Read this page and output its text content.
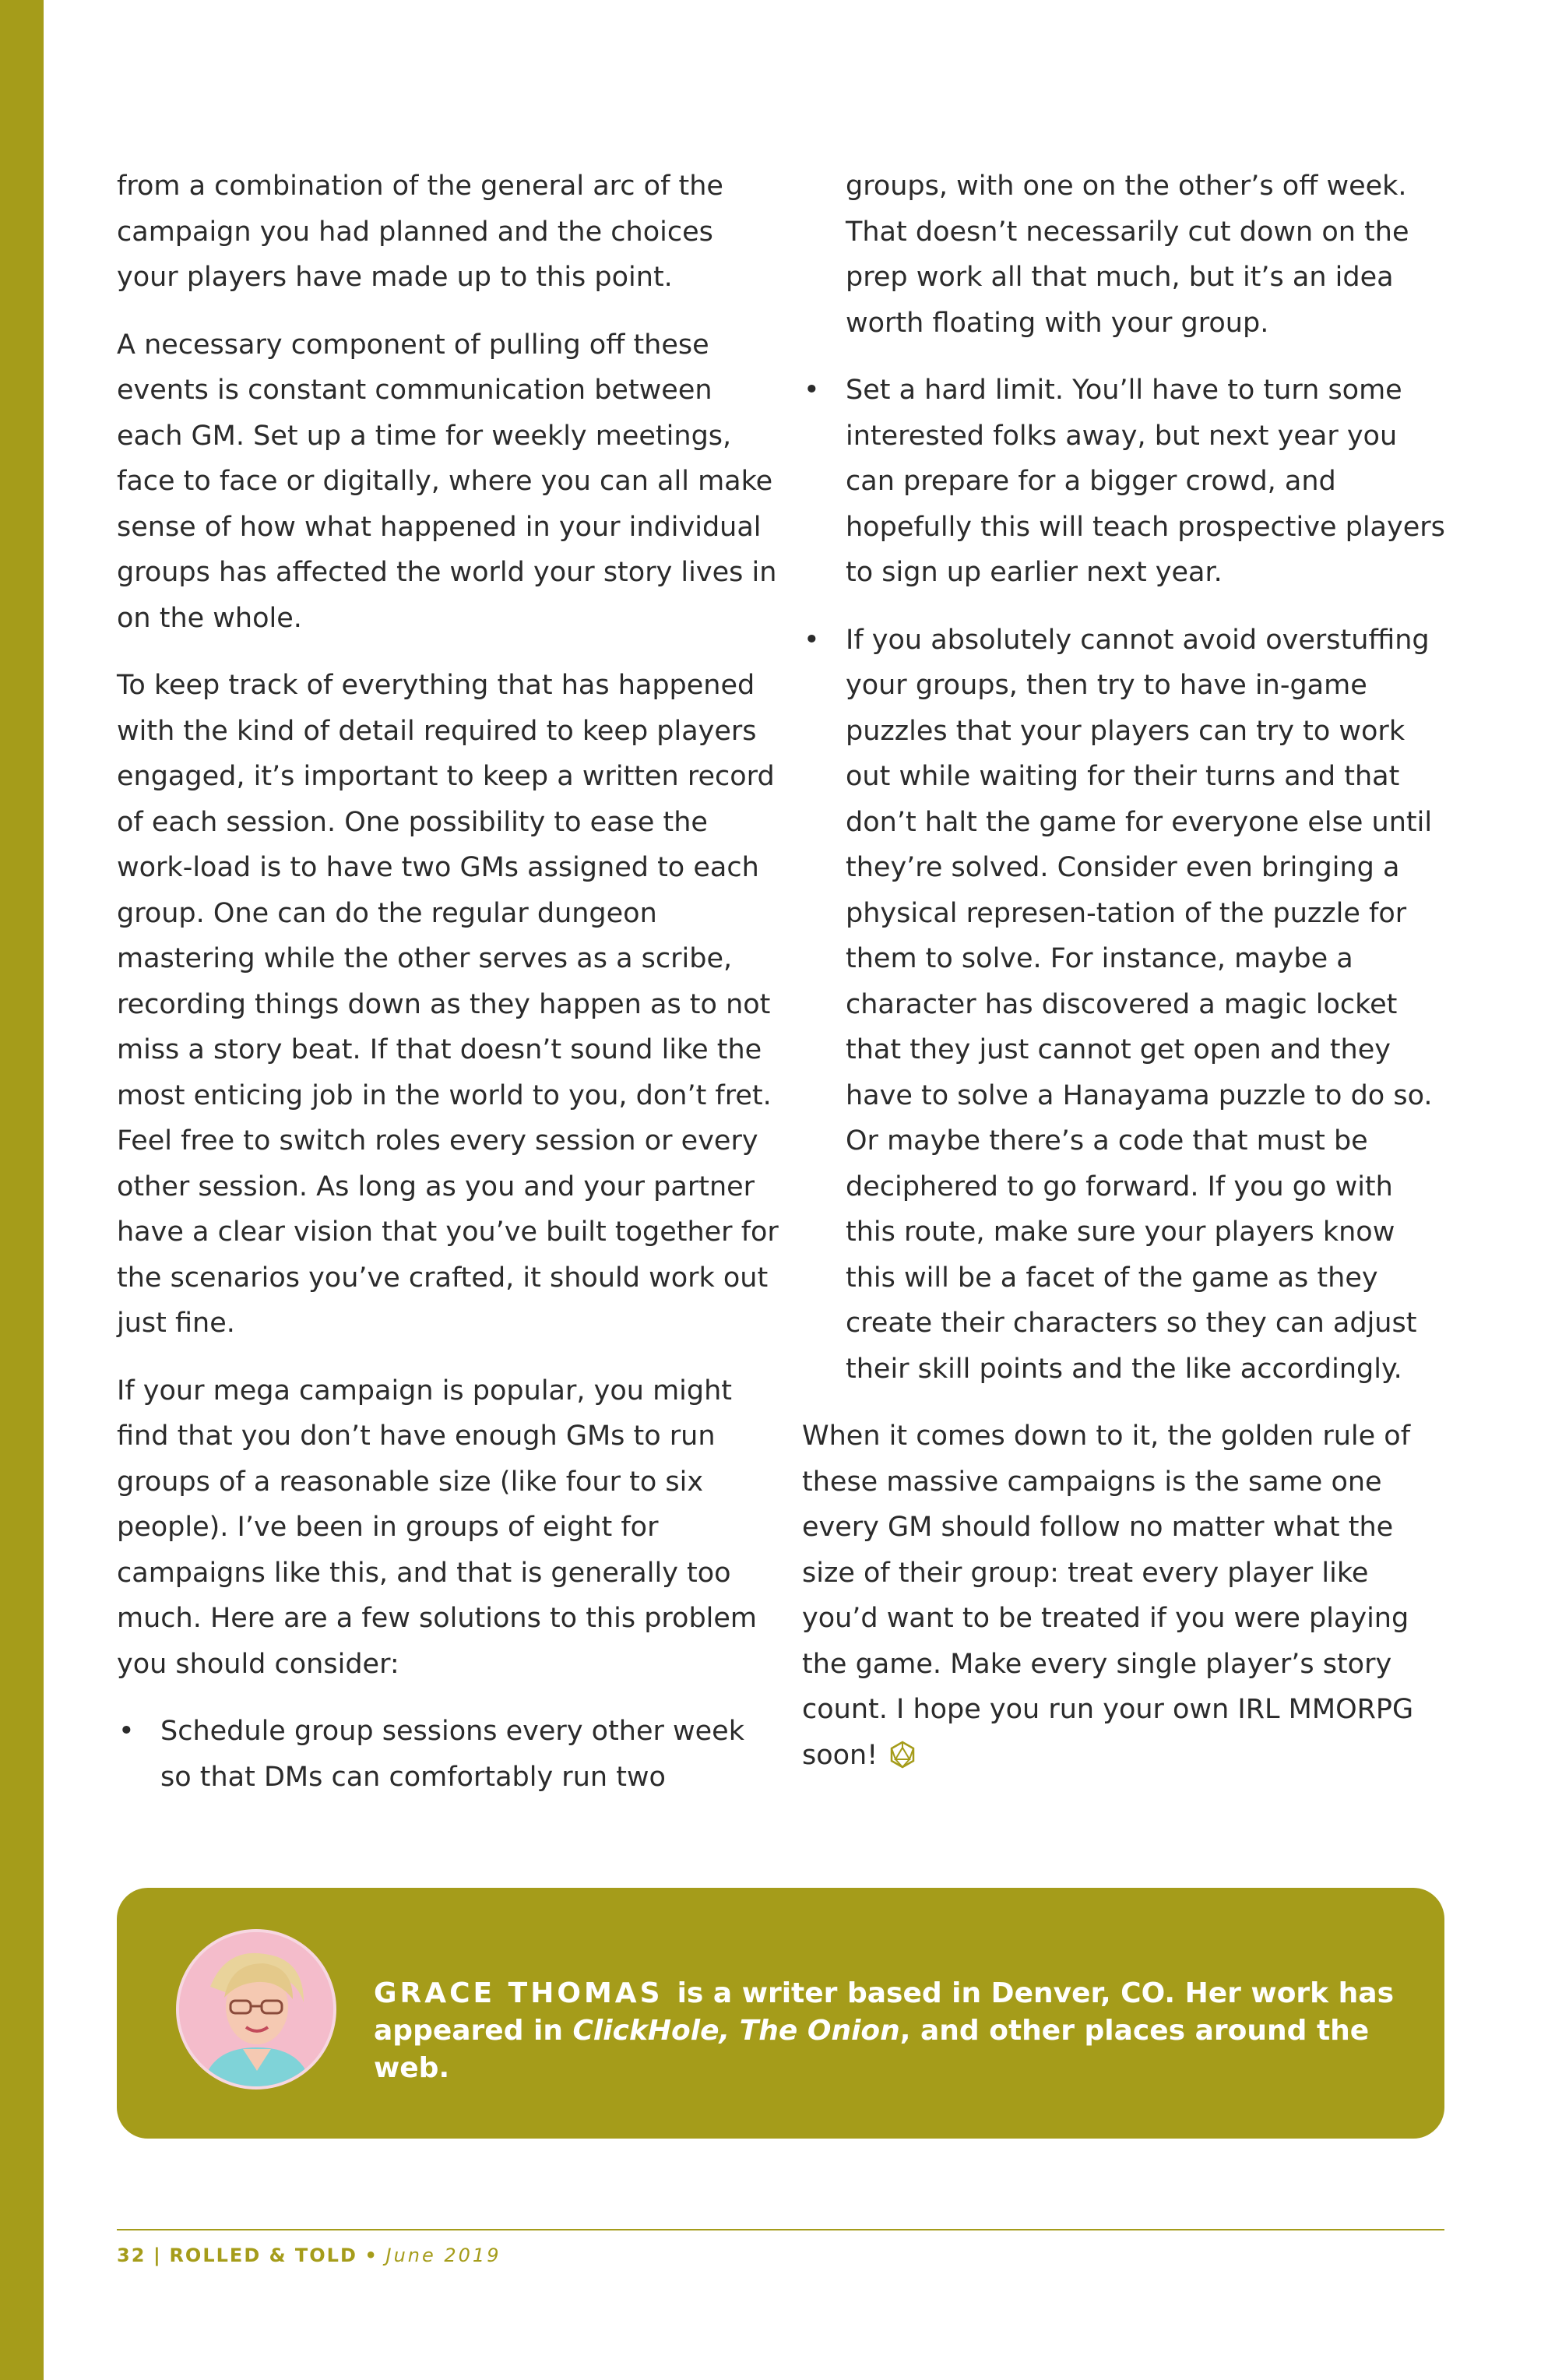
from a combination of the general arc of the campaign you had planned and the choices your players have made up to this point.

A necessary component of pulling off these events is constant communication between each GM. Set up a time for weekly meetings, face to face or digitally, where you can all make sense of how what happened in your individual groups has affected the world your story lives in on the whole.

To keep track of everything that has happened with the kind of detail required to keep players engaged, it’s important to keep a written record of each session. One possibility to ease the work-load is to have two GMs assigned to each group. One can do the regular dungeon mastering while the other serves as a scribe, recording things down as they happen as to not miss a story beat. If that doesn’t sound like the most enticing job in the world to you, don’t fret. Feel free to switch roles every session or every other session. As long as you and your partner have a clear vision that you’ve built together for the scenarios you’ve crafted, it should work out just fine.

If your mega campaign is popular, you might find that you don’t have enough GMs to run groups of a reasonable size (like four to six people). I’ve been in groups of eight for campaigns like this, and that is generally too much. Here are a few solutions to this problem you should consider:

• Schedule group sessions every other week so that DMs can comfortably run two

groups, with one on the other’s off week. That doesn’t necessarily cut down on the prep work all that much, but it’s an idea worth floating with your group.

• Set a hard limit. You’ll have to turn some interested folks away, but next year you can prepare for a bigger crowd, and hopefully this will teach prospective players to sign up earlier next year.
• If you absolutely cannot avoid overstuffing your groups, then try to have in-game puzzles that your players can try to work out while waiting for their turns and that don’t halt the game for everyone else until they’re solved. Consider even bringing a physical represen-tation of the puzzle for them to solve. For instance, maybe a character has discovered a magic locket that they just cannot get open and they have to solve a Hanayama puzzle to do so. Or maybe there’s a code that must be deciphered to go forward. If you go with this route, make sure your players know this will be a facet of the game as they create their characters so they can adjust their skill points and the like accordingly.

When it comes down to it, the golden rule of these massive campaigns is the same one every GM should follow no matter what the size of their group: treat every player like you’d want to be treated if you were playing the game. Make every single player’s story count. I hope you run your own IRL MMORPG soon!

GRACE THOMAS is a writer based in Denver, CO. Her work has appeared in ClickHole, The Onion, and other places around the web.
32 | ROLLED & TOLD • June 2019
